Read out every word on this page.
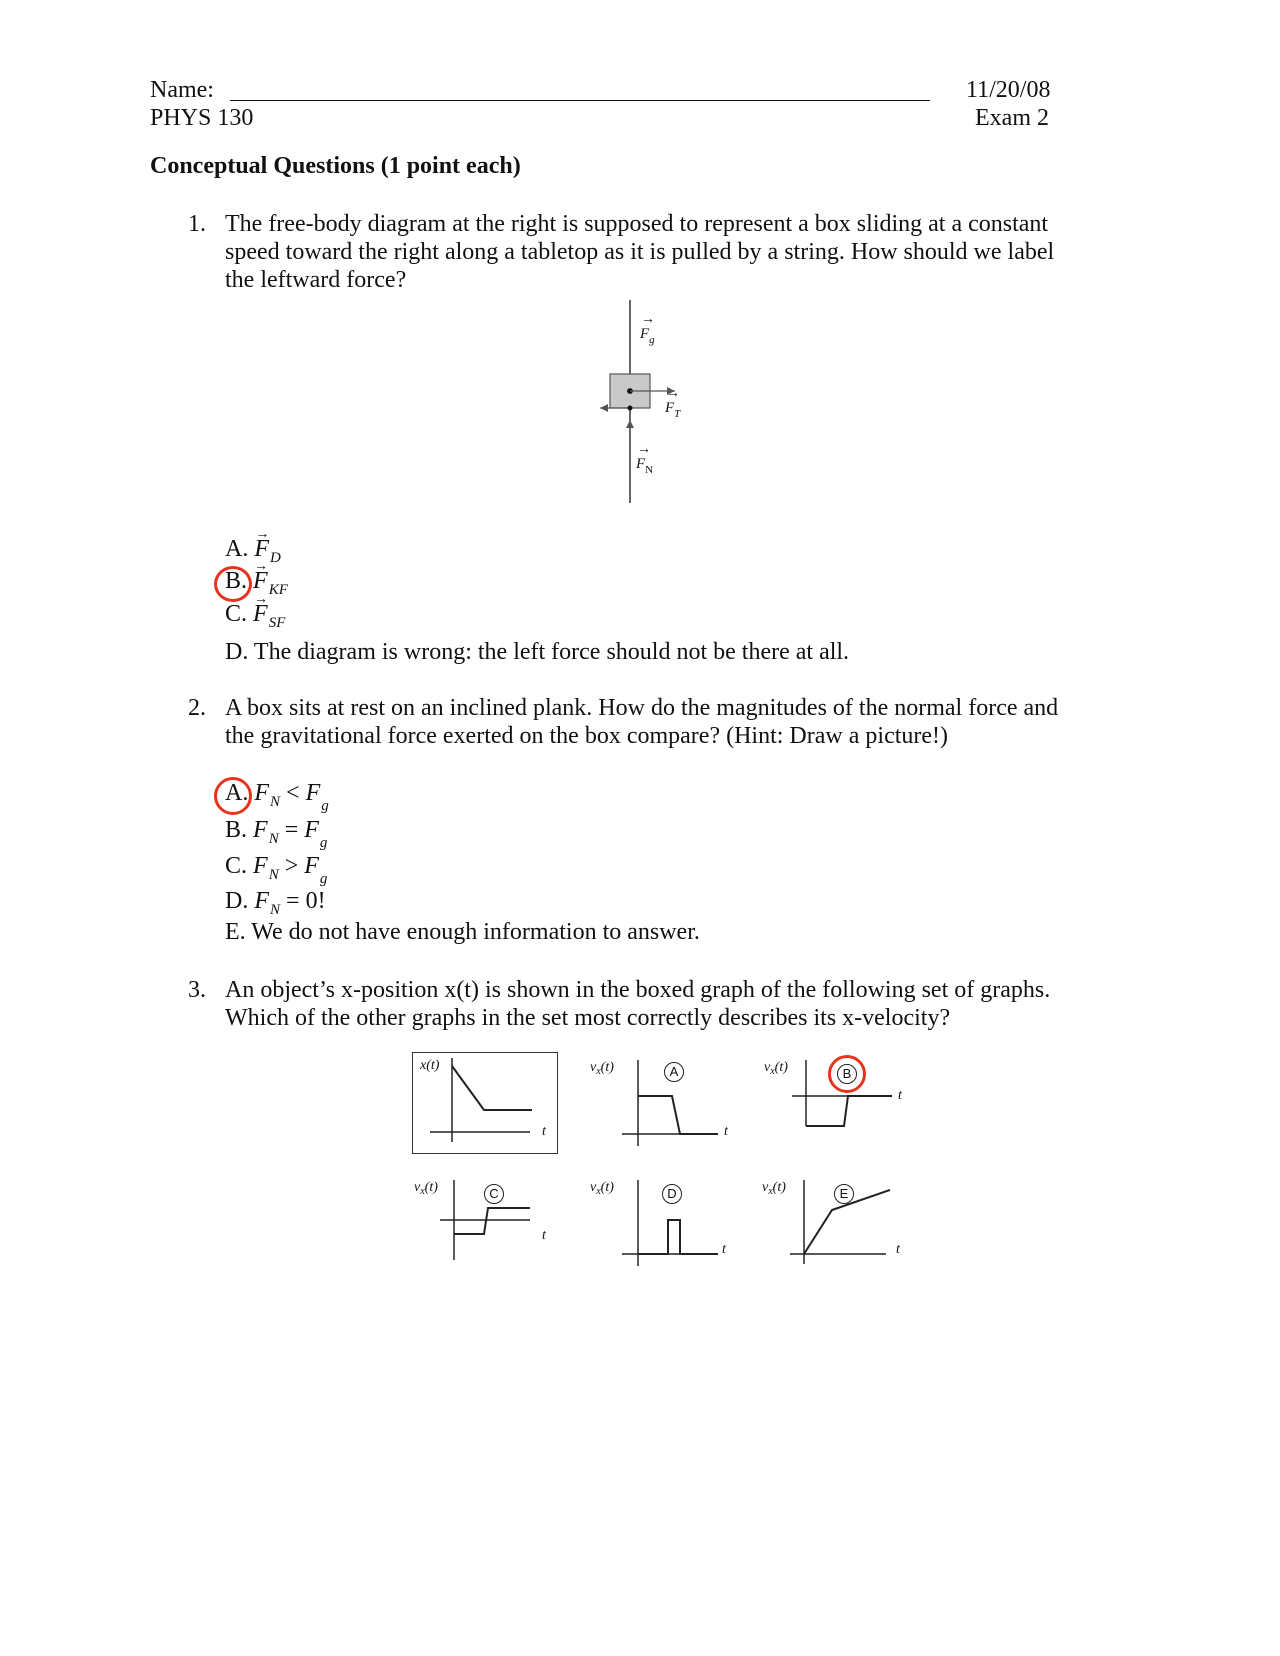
Name:
PHYS 130
11/20/08
Exam 2
Conceptual Questions (1 point each)
1. The free-body diagram at the right is supposed to represent a box sliding at a constant
speed toward the right along a tabletop as it is pulled by a string. How should we label
the leftward force?
→ $F_g$
→ $F_T$
→ $F_N$
A. → $F_D$
B. → $F_{KF}$
C. → $F_{SF}$
D. The diagram is wrong: the left force should not be there at all.
2. A box sits at rest on an inclined plank. How do the magnitudes of the normal force and
the gravitational force exerted on the box compare? (Hint: Draw a picture!)
A. $F_N < F_g$
B. $F_N = F_g$
C. $F_N > F_g$
D. $F_N = 0$!
E. We do not have enough information to answer.
3. An object’s x-position x(t) is shown in the boxed graph of the following set of graphs.
Which of the other graphs in the set most correctly describes its x-velocity?
x(t)
t
$v_x(t)$	A
t
$v_x(t)$	B
t
$v_x(t)$	C
t
$v_x(t)$	D
t
$v_x(t)$	E
t
